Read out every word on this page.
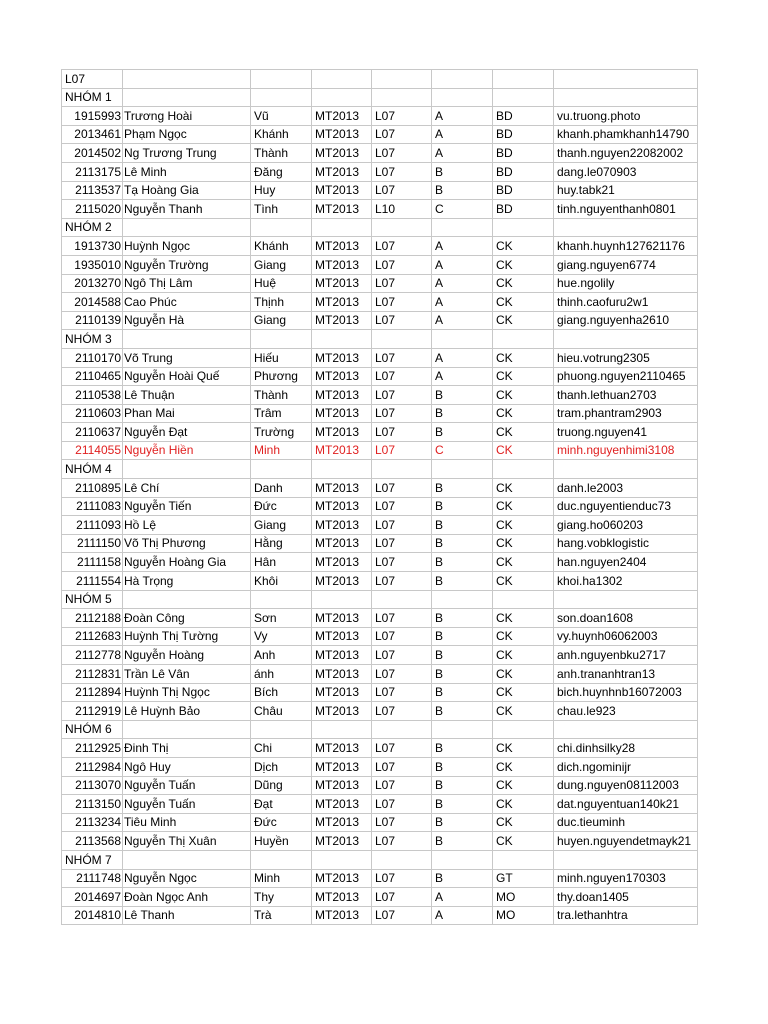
L07							
NHÓM 1							
1915993	Trương Hoài	Vũ	MT2013	L07	A	BD	vu.truong.photo
2013461	Phạm Ngọc	Khánh	MT2013	L07	A	BD	khanh.phamkhanh14790
2014502	Ng Trương Trung	Thành	MT2013	L07	A	BD	thanh.nguyen22082002
2113175	Lê Minh	Đăng	MT2013	L07	B	BD	dang.le070903
2113537	Tạ Hoàng Gia	Huy	MT2013	L07	B	BD	huy.tabk21
2115020	Nguyễn Thanh	Tình	MT2013	L10	C	BD	tinh.nguyenthanh0801
NHÓM 2							
1913730	Huỳnh Ngọc	Khánh	MT2013	L07	A	CK	khanh.huynh127621176
1935010	Nguyễn Trường	Giang	MT2013	L07	A	CK	giang.nguyen6774
2013270	Ngô Thị Lâm	Huệ	MT2013	L07	A	CK	hue.ngolily
2014588	Cao Phúc	Thịnh	MT2013	L07	A	CK	thinh.caofuru2w1
2110139	Nguyễn Hà	Giang	MT2013	L07	A	CK	giang.nguyenha2610
NHÓM 3							
2110170	Võ Trung	Hiếu	MT2013	L07	A	CK	hieu.votrung2305
2110465	Nguyễn Hoài Quế	Phương	MT2013	L07	A	CK	phuong.nguyen2110465
2110538	Lê Thuận	Thành	MT2013	L07	B	CK	thanh.lethuan2703
2110603	Phan Mai	Trâm	MT2013	L07	B	CK	tram.phantram2903
2110637	Nguyễn Đạt	Trường	MT2013	L07	B	CK	truong.nguyen41
2114055	Nguyễn Hiền	Minh	MT2013	L07	C	CK	minh.nguyenhimi3108
NHÓM 4							
2110895	Lê Chí	Danh	MT2013	L07	B	CK	danh.le2003
2111083	Nguyễn Tiến	Đức	MT2013	L07	B	CK	duc.nguyentienduc73
2111093	Hồ Lệ	Giang	MT2013	L07	B	CK	giang.ho060203
2111150	Võ Thị Phương	Hằng	MT2013	L07	B	CK	hang.vobklogistic
2111158	Nguyễn Hoàng Gia	Hân	MT2013	L07	B	CK	han.nguyen2404
2111554	Hà Trọng	Khôi	MT2013	L07	B	CK	khoi.ha1302
NHÓM 5							
2112188	Đoàn Công	Sơn	MT2013	L07	B	CK	son.doan1608
2112683	Huỳnh Thị Tường	Vy	MT2013	L07	B	CK	vy.huynh06062003
2112778	Nguyễn Hoàng	Anh	MT2013	L07	B	CK	anh.nguyenbku2717
2112831	Trần Lê Vân	ánh	MT2013	L07	B	CK	anh.trananhtran13
2112894	Huỳnh Thị Ngọc	Bích	MT2013	L07	B	CK	bich.huynhnb16072003
2112919	Lê Huỳnh Bảo	Châu	MT2013	L07	B	CK	chau.le923
NHÓM 6							
2112925	Đinh Thị	Chi	MT2013	L07	B	CK	chi.dinhsilky28
2112984	Ngô Huy	Dịch	MT2013	L07	B	CK	dich.ngominijr
2113070	Nguyễn Tuấn	Dũng	MT2013	L07	B	CK	dung.nguyen08112003
2113150	Nguyễn Tuấn	Đạt	MT2013	L07	B	CK	dat.nguyentuan140k21
2113234	Tiêu Minh	Đức	MT2013	L07	B	CK	duc.tieuminh
2113568	Nguyễn Thị Xuân	Huyền	MT2013	L07	B	CK	huyen.nguyendetmayk21
NHÓM 7							
2111748	Nguyễn Ngọc	Minh	MT2013	L07	B	GT	minh.nguyen170303
2014697	Đoàn Ngọc Anh	Thy	MT2013	L07	A	MO	thy.doan1405
2014810	Lê Thanh	Trà	MT2013	L07	A	MO	tra.lethanhtra
